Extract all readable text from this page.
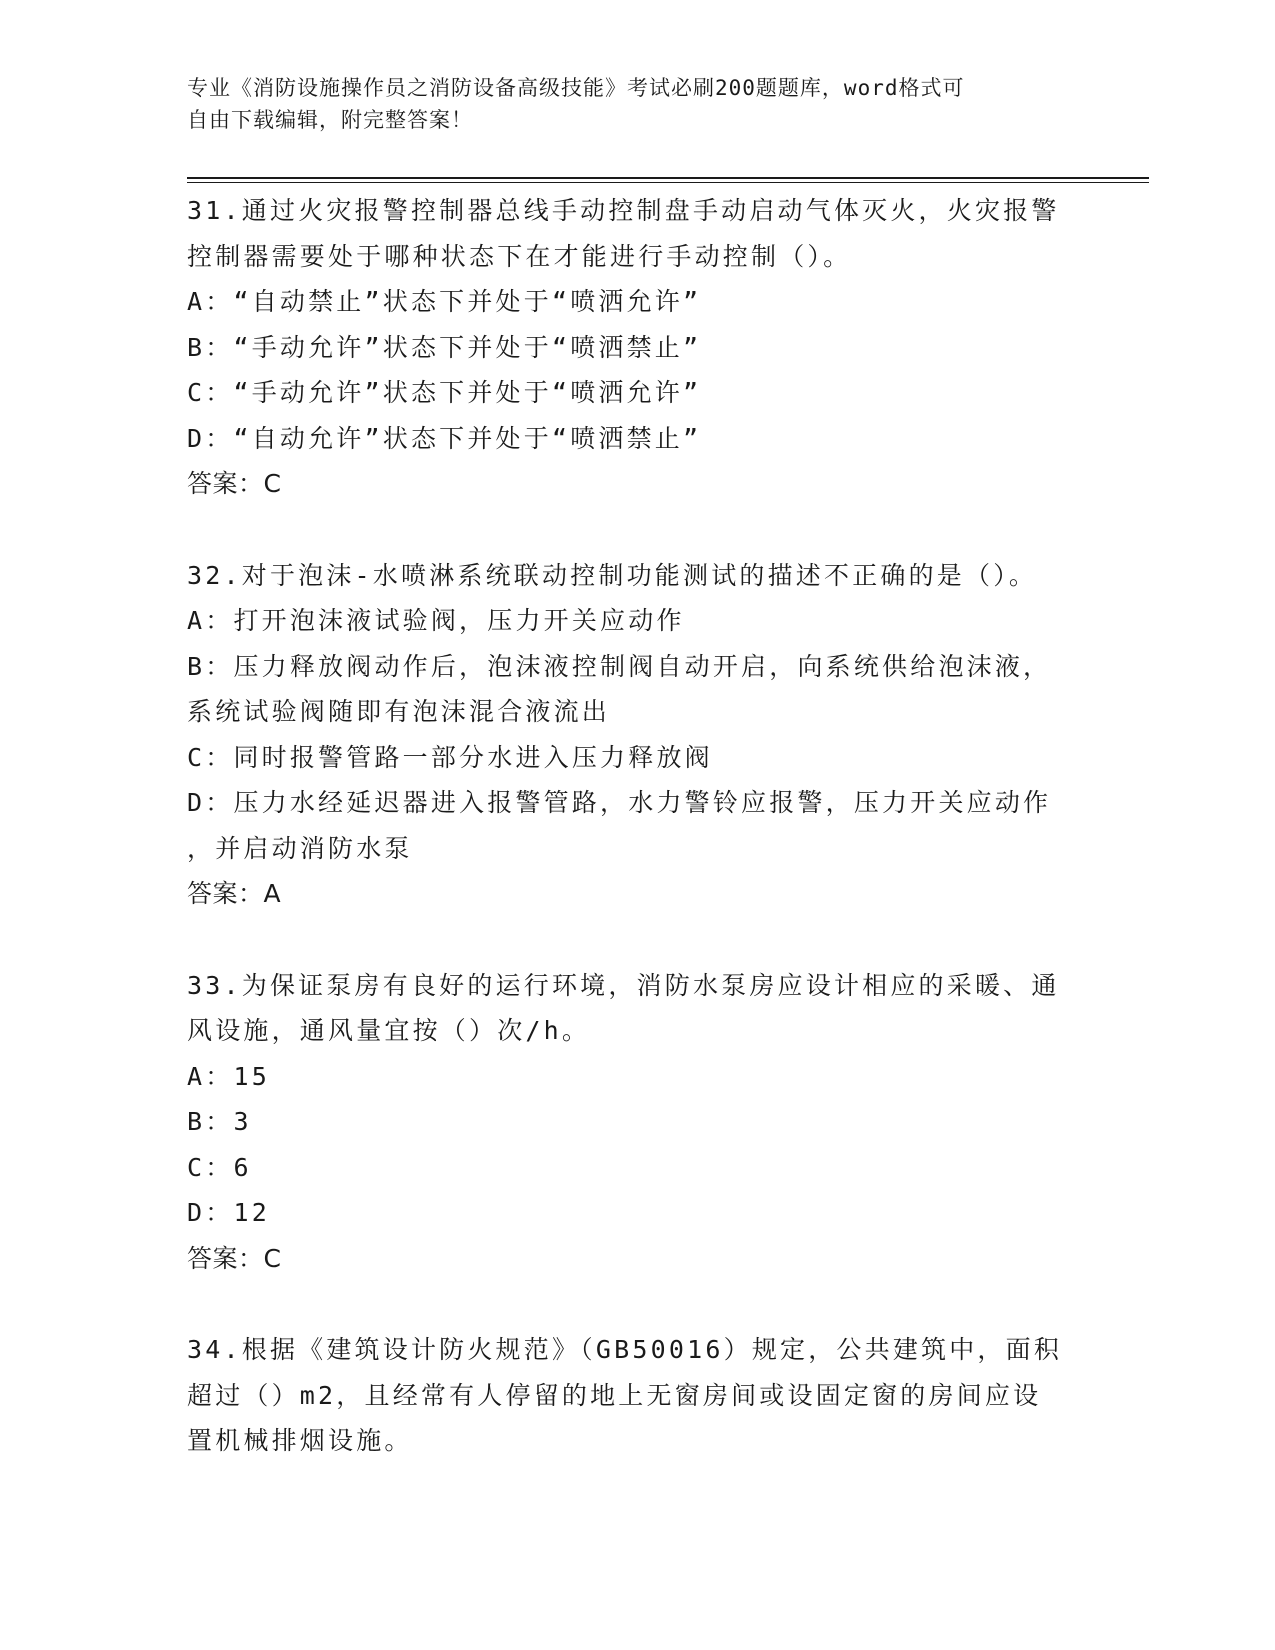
专业《消防设施操作员之消防设备高级技能》考试必刷200题题库，word格式可
自由下载编辑，附完整答案！
31.通过火灾报警控制器总线手动控制盘手动启动气体灭火，火灾报警
控制器需要处于哪种状态下在才能进行手动控制（）。
A：“自动禁止”状态下并处于“喷洒允许”
B：“手动允许”状态下并处于“喷洒禁止”
C：“手动允许”状态下并处于“喷洒允许”
D：“自动允许”状态下并处于“喷洒禁止”
答案：C
32.对于泡沫-水喷淋系统联动控制功能测试的描述不正确的是（）。
A：打开泡沫液试验阀，压力开关应动作
B：压力释放阀动作后，泡沫液控制阀自动开启，向系统供给泡沫液，
系统试验阀随即有泡沫混合液流出
C：同时报警管路一部分水进入压力释放阀
D：压力水经延迟器进入报警管路，水力警铃应报警，压力开关应动作
，并启动消防水泵
答案：A
33.为保证泵房有良好的运行环境，消防水泵房应设计相应的采暖、通
风设施，通风量宜按（）次/h。
A：15
B：3
C：6
D：12
答案：C
34.根据《建筑设计防火规范》（GB50016）规定，公共建筑中，面积
超过（）m2，且经常有人停留的地上无窗房间或设固定窗的房间应设
置机械排烟设施。
